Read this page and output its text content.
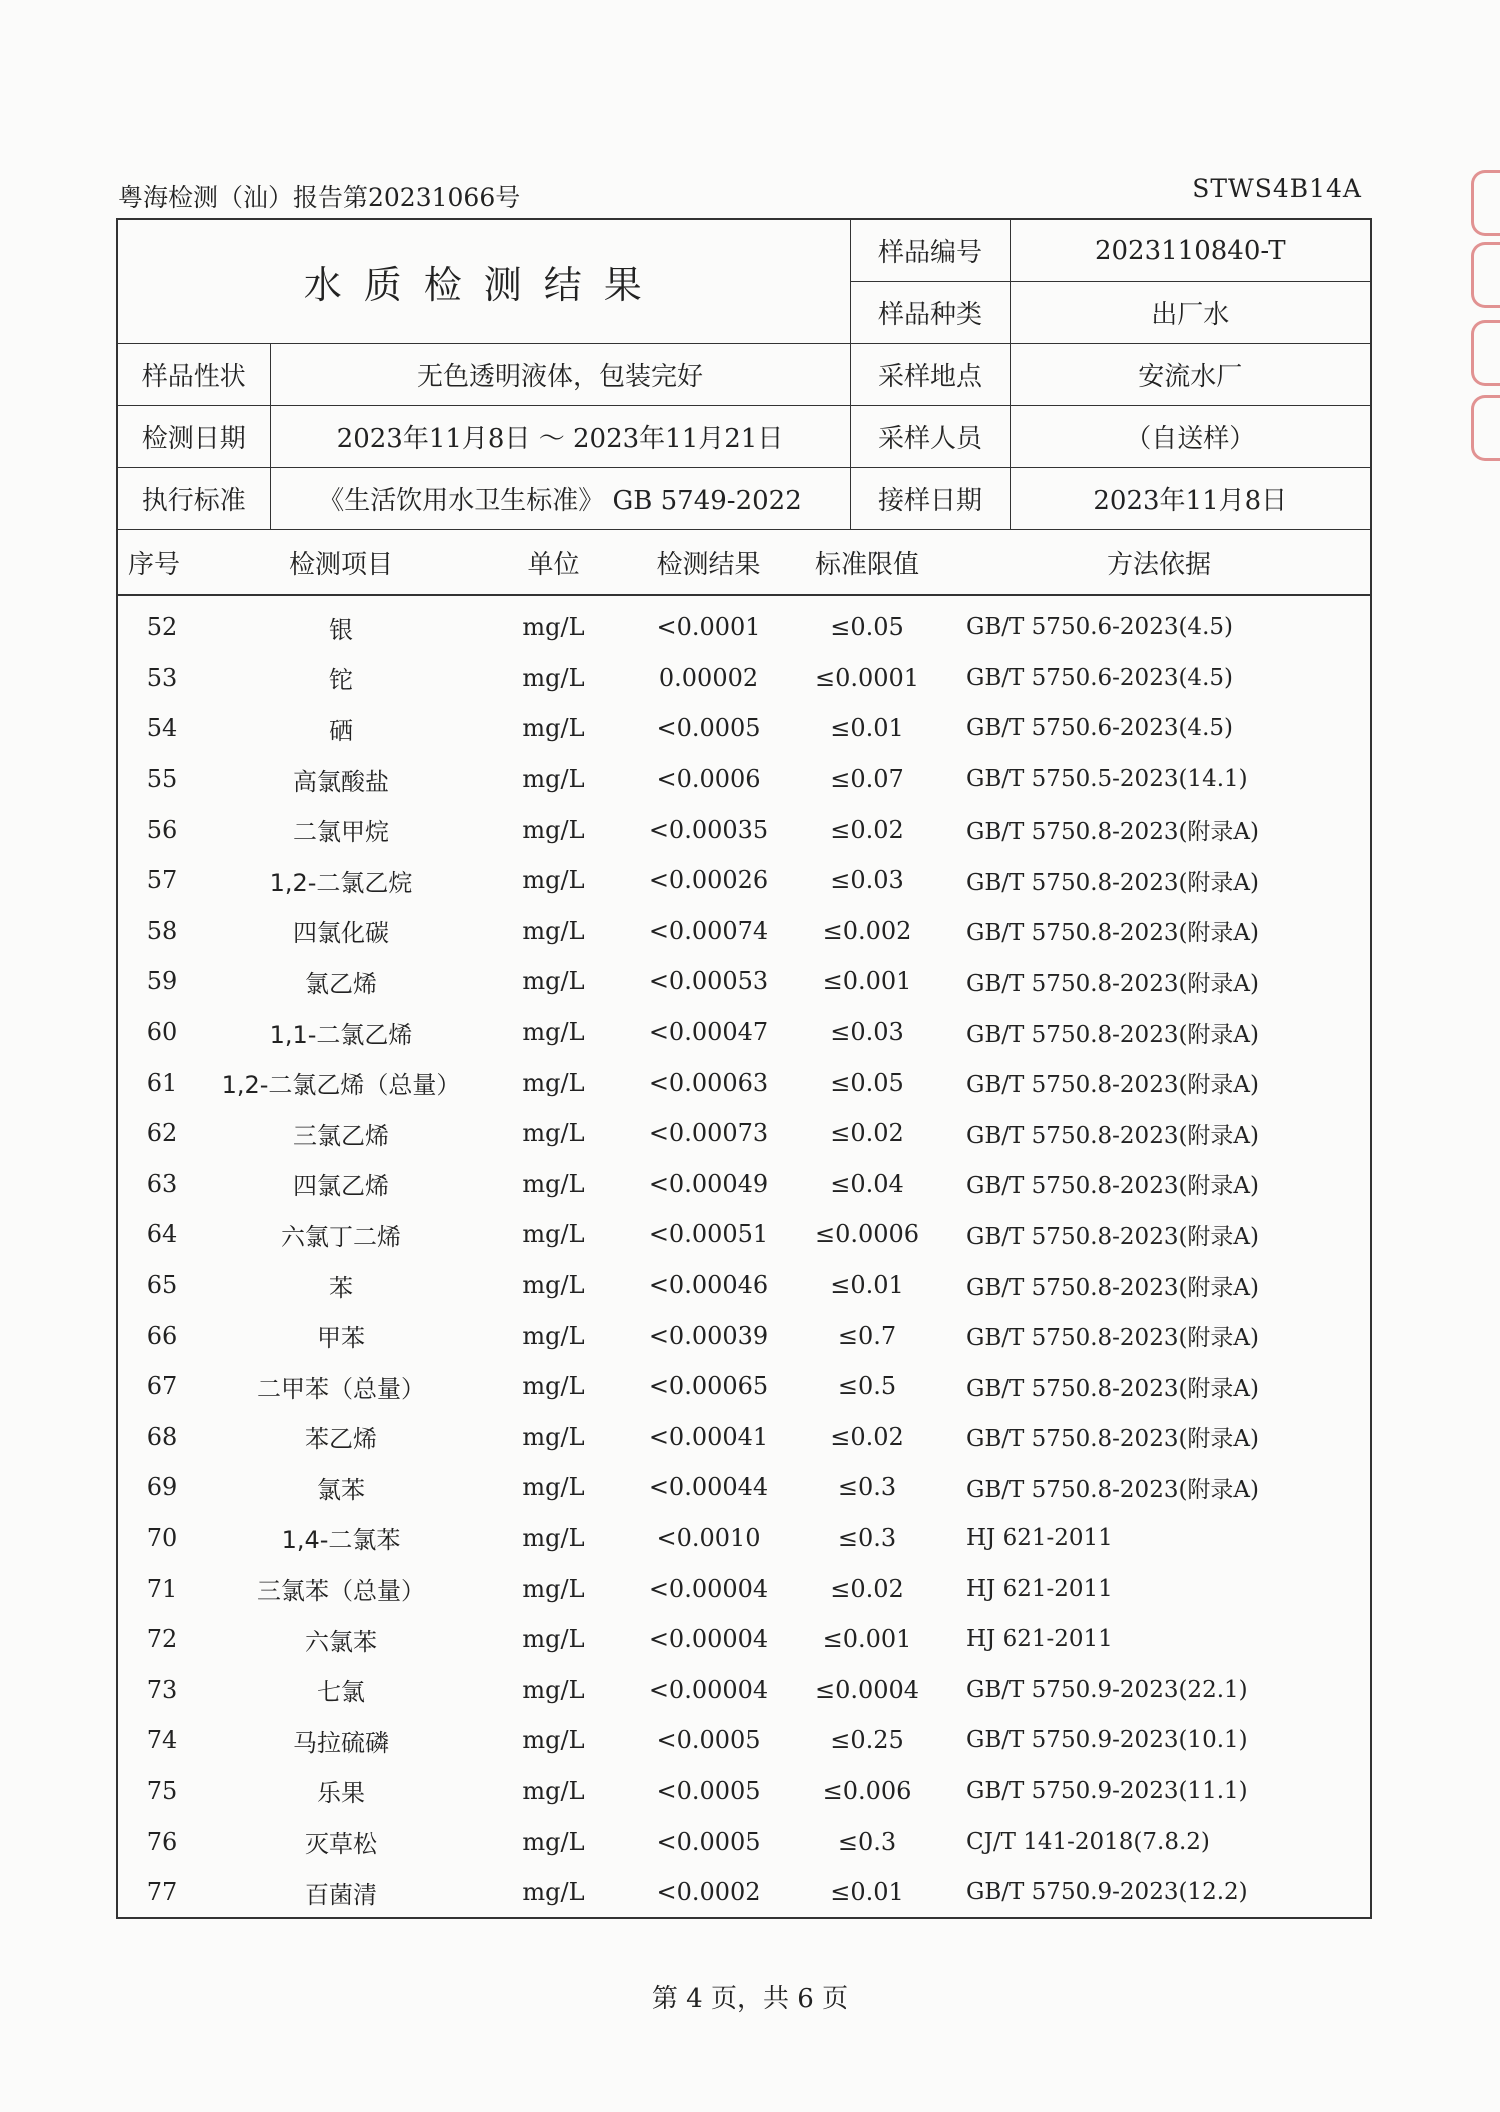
粤海检测（汕）报告第20231066号	STWS4B14A
水质检测结果		样品编号	2023110840-T
		样品种类	出厂水
样品性状	无色透明液体，包装完好	采样地点	安流水厂
检测日期	2023年11月8日 ～ 2023年11月21日	采样人员	（自送样）
执行标准	《生活饮用水卫生标准》 GB 5749-2022	接样日期	2023年11月8日
序号	检测项目	单位	检测结果	标准限值	方法依据
52	银	mg/L	<0.0001	≤0.05	GB/T 5750.6-2023(4.5)
53	铊	mg/L	0.00002	≤0.0001	GB/T 5750.6-2023(4.5)
54	硒	mg/L	<0.0005	≤0.01	GB/T 5750.6-2023(4.5)
55	高氯酸盐	mg/L	<0.0006	≤0.07	GB/T 5750.5-2023(14.1)
56	二氯甲烷	mg/L	<0.00035	≤0.02	GB/T 5750.8-2023(附录A)
57	1,2-二氯乙烷	mg/L	<0.00026	≤0.03	GB/T 5750.8-2023(附录A)
58	四氯化碳	mg/L	<0.00074	≤0.002	GB/T 5750.8-2023(附录A)
59	氯乙烯	mg/L	<0.00053	≤0.001	GB/T 5750.8-2023(附录A)
60	1,1-二氯乙烯	mg/L	<0.00047	≤0.03	GB/T 5750.8-2023(附录A)
61	1,2-二氯乙烯（总量）	mg/L	<0.00063	≤0.05	GB/T 5750.8-2023(附录A)
62	三氯乙烯	mg/L	<0.00073	≤0.02	GB/T 5750.8-2023(附录A)
63	四氯乙烯	mg/L	<0.00049	≤0.04	GB/T 5750.8-2023(附录A)
64	六氯丁二烯	mg/L	<0.00051	≤0.0006	GB/T 5750.8-2023(附录A)
65	苯	mg/L	<0.00046	≤0.01	GB/T 5750.8-2023(附录A)
66	甲苯	mg/L	<0.00039	≤0.7	GB/T 5750.8-2023(附录A)
67	二甲苯（总量）	mg/L	<0.00065	≤0.5	GB/T 5750.8-2023(附录A)
68	苯乙烯	mg/L	<0.00041	≤0.02	GB/T 5750.8-2023(附录A)
69	氯苯	mg/L	<0.00044	≤0.3	GB/T 5750.8-2023(附录A)
70	1,4-二氯苯	mg/L	<0.0010	≤0.3	HJ 621-2011
71	三氯苯（总量）	mg/L	<0.00004	≤0.02	HJ 621-2011
72	六氯苯	mg/L	<0.00004	≤0.001	HJ 621-2011
73	七氯	mg/L	<0.00004	≤0.0004	GB/T 5750.9-2023(22.1)
74	马拉硫磷	mg/L	<0.0005	≤0.25	GB/T 5750.9-2023(10.1)
75	乐果	mg/L	<0.0005	≤0.006	GB/T 5750.9-2023(11.1)
76	灭草松	mg/L	<0.0005	≤0.3	CJ/T 141-2018(7.8.2)
77	百菌清	mg/L	<0.0002	≤0.01	GB/T 5750.9-2023(12.2)
第 4 页，共 6 页
